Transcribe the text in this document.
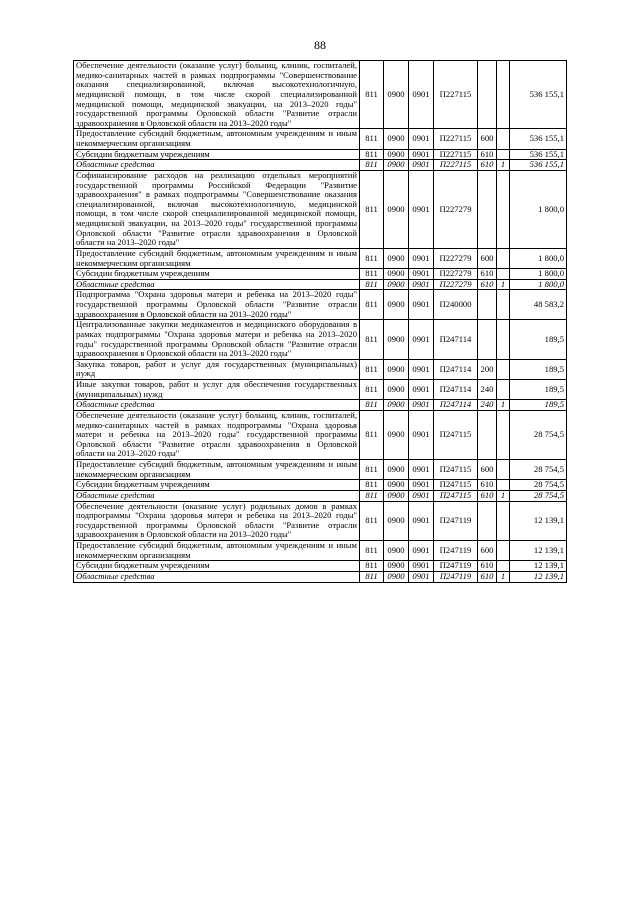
88
Обеспечение деятельности (оказание услуг) больниц, клиник, госпиталей, медико-санитарных частей в рамках подпрограммы "Совершенствование оказания специализированной, включая высокотехнологичную, медицинской помощи, в том числе скорой специализированной медицинской помощи, медицинской эвакуации, на 2013–2020 годы" государственной программы Орловской области "Развитие отрасли здравоохранения в Орловской области на 2013–2020 годы"	811	0900	0901	П227115			536 155,1
Предоставление субсидий бюджетным, автономным учреждениям и иным некоммерческим организациям	811	0900	0901	П227115	600		536 155,1
Субсидии бюджетным учреждениям	811	0900	0901	П227115	610		536 155,1
Областные средства	811	0900	0901	П227115	610	1	536 155,1
Софинансирование расходов на реализацию отдельных мероприятий государственной программы Российской Федерации "Развитие здравоохранения" в рамках подпрограммы "Совершенствование оказания специализированной, включая высокотехнологичную, медицинской помощи, в том числе скорой специализированной медицинской помощи, медицинской эвакуации, на 2013–2020 годы" государственной программы Орловской области "Развитие отрасли здравоохранения в Орловской области на 2013–2020 годы"	811	0900	0901	П227279			1 800,0
Предоставление субсидий бюджетным, автономным учреждениям и иным некоммерческим организациям	811	0900	0901	П227279	600		1 800,0
Субсидии бюджетным учреждениям	811	0900	0901	П227279	610		1 800,0
Областные средства	811	0900	0901	П227279	610	1	1 800,0
Подпрограмма "Охрана здоровья матери и ребенка на 2013–2020 годы" государственной программы Орловской области "Развитие отрасли здравоохранения в Орловской области на 2013–2020 годы"	811	0900	0901	П240000			48 583,2
Централизованные закупки медикаментов и медицинского оборудования в рамках подпрограммы "Охрана здоровья матери и ребенка на 2013–2020 годы" государственной программы Орловской области "Развитие отрасли здравоохранения в Орловской области на 2013–2020 годы"	811	0900	0901	П247114			189,5
Закупка товаров, работ и услуг для государственных (муниципальных) нужд	811	0900	0901	П247114	200		189,5
Иные закупки товаров, работ и услуг для обеспечения государственных (муниципальных) нужд	811	0900	0901	П247114	240		189,5
Областные средства	811	0900	0901	П247114	240	1	189,5
Обеспечение деятельности (оказание услуг) больниц, клиник, госпиталей, медико-санитарных частей в рамках подпрограммы "Охрана здоровья матери и ребенка на 2013–2020 годы" государственной программы Орловской области "Развитие отрасли здравоохранения в Орловской области на 2013–2020 годы"	811	0900	0901	П247115			28 754,5
Предоставление субсидий бюджетным, автономным учреждениям и иным некоммерческим организациям	811	0900	0901	П247115	600		28 754,5
Субсидии бюджетным учреждениям	811	0900	0901	П247115	610		28 754,5
Областные средства	811	0900	0901	П247115	610	1	28 754,5
Обеспечение деятельности (оказание услуг) родильных домов в рамках подпрограммы "Охрана здоровья матери и ребенка на 2013–2020 годы" государственной программы Орловской области "Развитие отрасли здравоохранения в Орловской области на 2013–2020 годы"	811	0900	0901	П247119			12 139,1
Предоставление субсидий бюджетным, автономным учреждениям и иным некоммерческим организациям	811	0900	0901	П247119	600		12 139,1
Субсидии бюджетным учреждениям	811	0900	0901	П247119	610		12 139,1
Областные средства	811	0900	0901	П247119	610	1	12 139,1
